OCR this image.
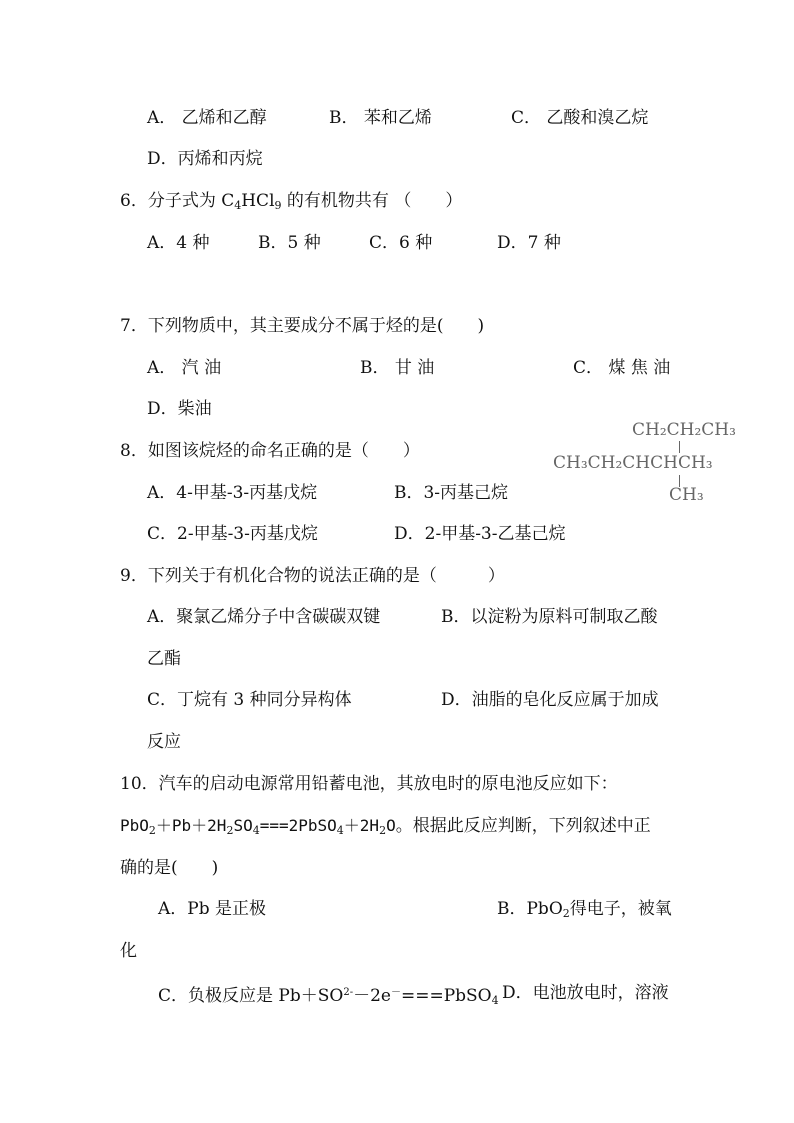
A． 乙烯和乙醇	B． 苯和乙烯	C． 乙酸和溴乙烷
D．丙烯和丙烷
6．分子式为 $C_4HCl_9$ 的有机物共有 （　　）
A．4 种	B．5 种	C．6 种	D．7 种
7．下列物质中，其主要成分不属于烃的是(　　)
A． 汽 油	B． 甘 油	C． 煤 焦 油
D．柴油
8．如图该烷烃的命名正确的是（　　）
CH₂CH₂CH₃
CH₃CH₂CHCHCH₃
CH₃
A．4-甲基-3-丙基戊烷	B．3-丙基己烷
C．2-甲基-3-丙基戊烷	D．2-甲基-3-乙基己烷
9．下列关于有机化合物的说法正确的是（　　　）
A．聚氯乙烯分子中含碳碳双键	B．以淀粉为原料可制取乙酸
乙酯
C．丁烷有 3 种同分异构体	D．油脂的皂化反应属于加成
反应
10．汽车的启动电源常用铅蓄电池，其放电时的原电池反应如下：
$PbO_2+Pb+2H_2SO_4===2PbSO_4+2H_2O$。根据此反应判断，下列叙述中正
确的是(　　)
A．Pb 是正极	B．PbO$_2$得电子，被氧
化
C．负极反应是 $Pb+SO^{2-}-2e^-===PbSO_4$ D．电池放电时，溶液
